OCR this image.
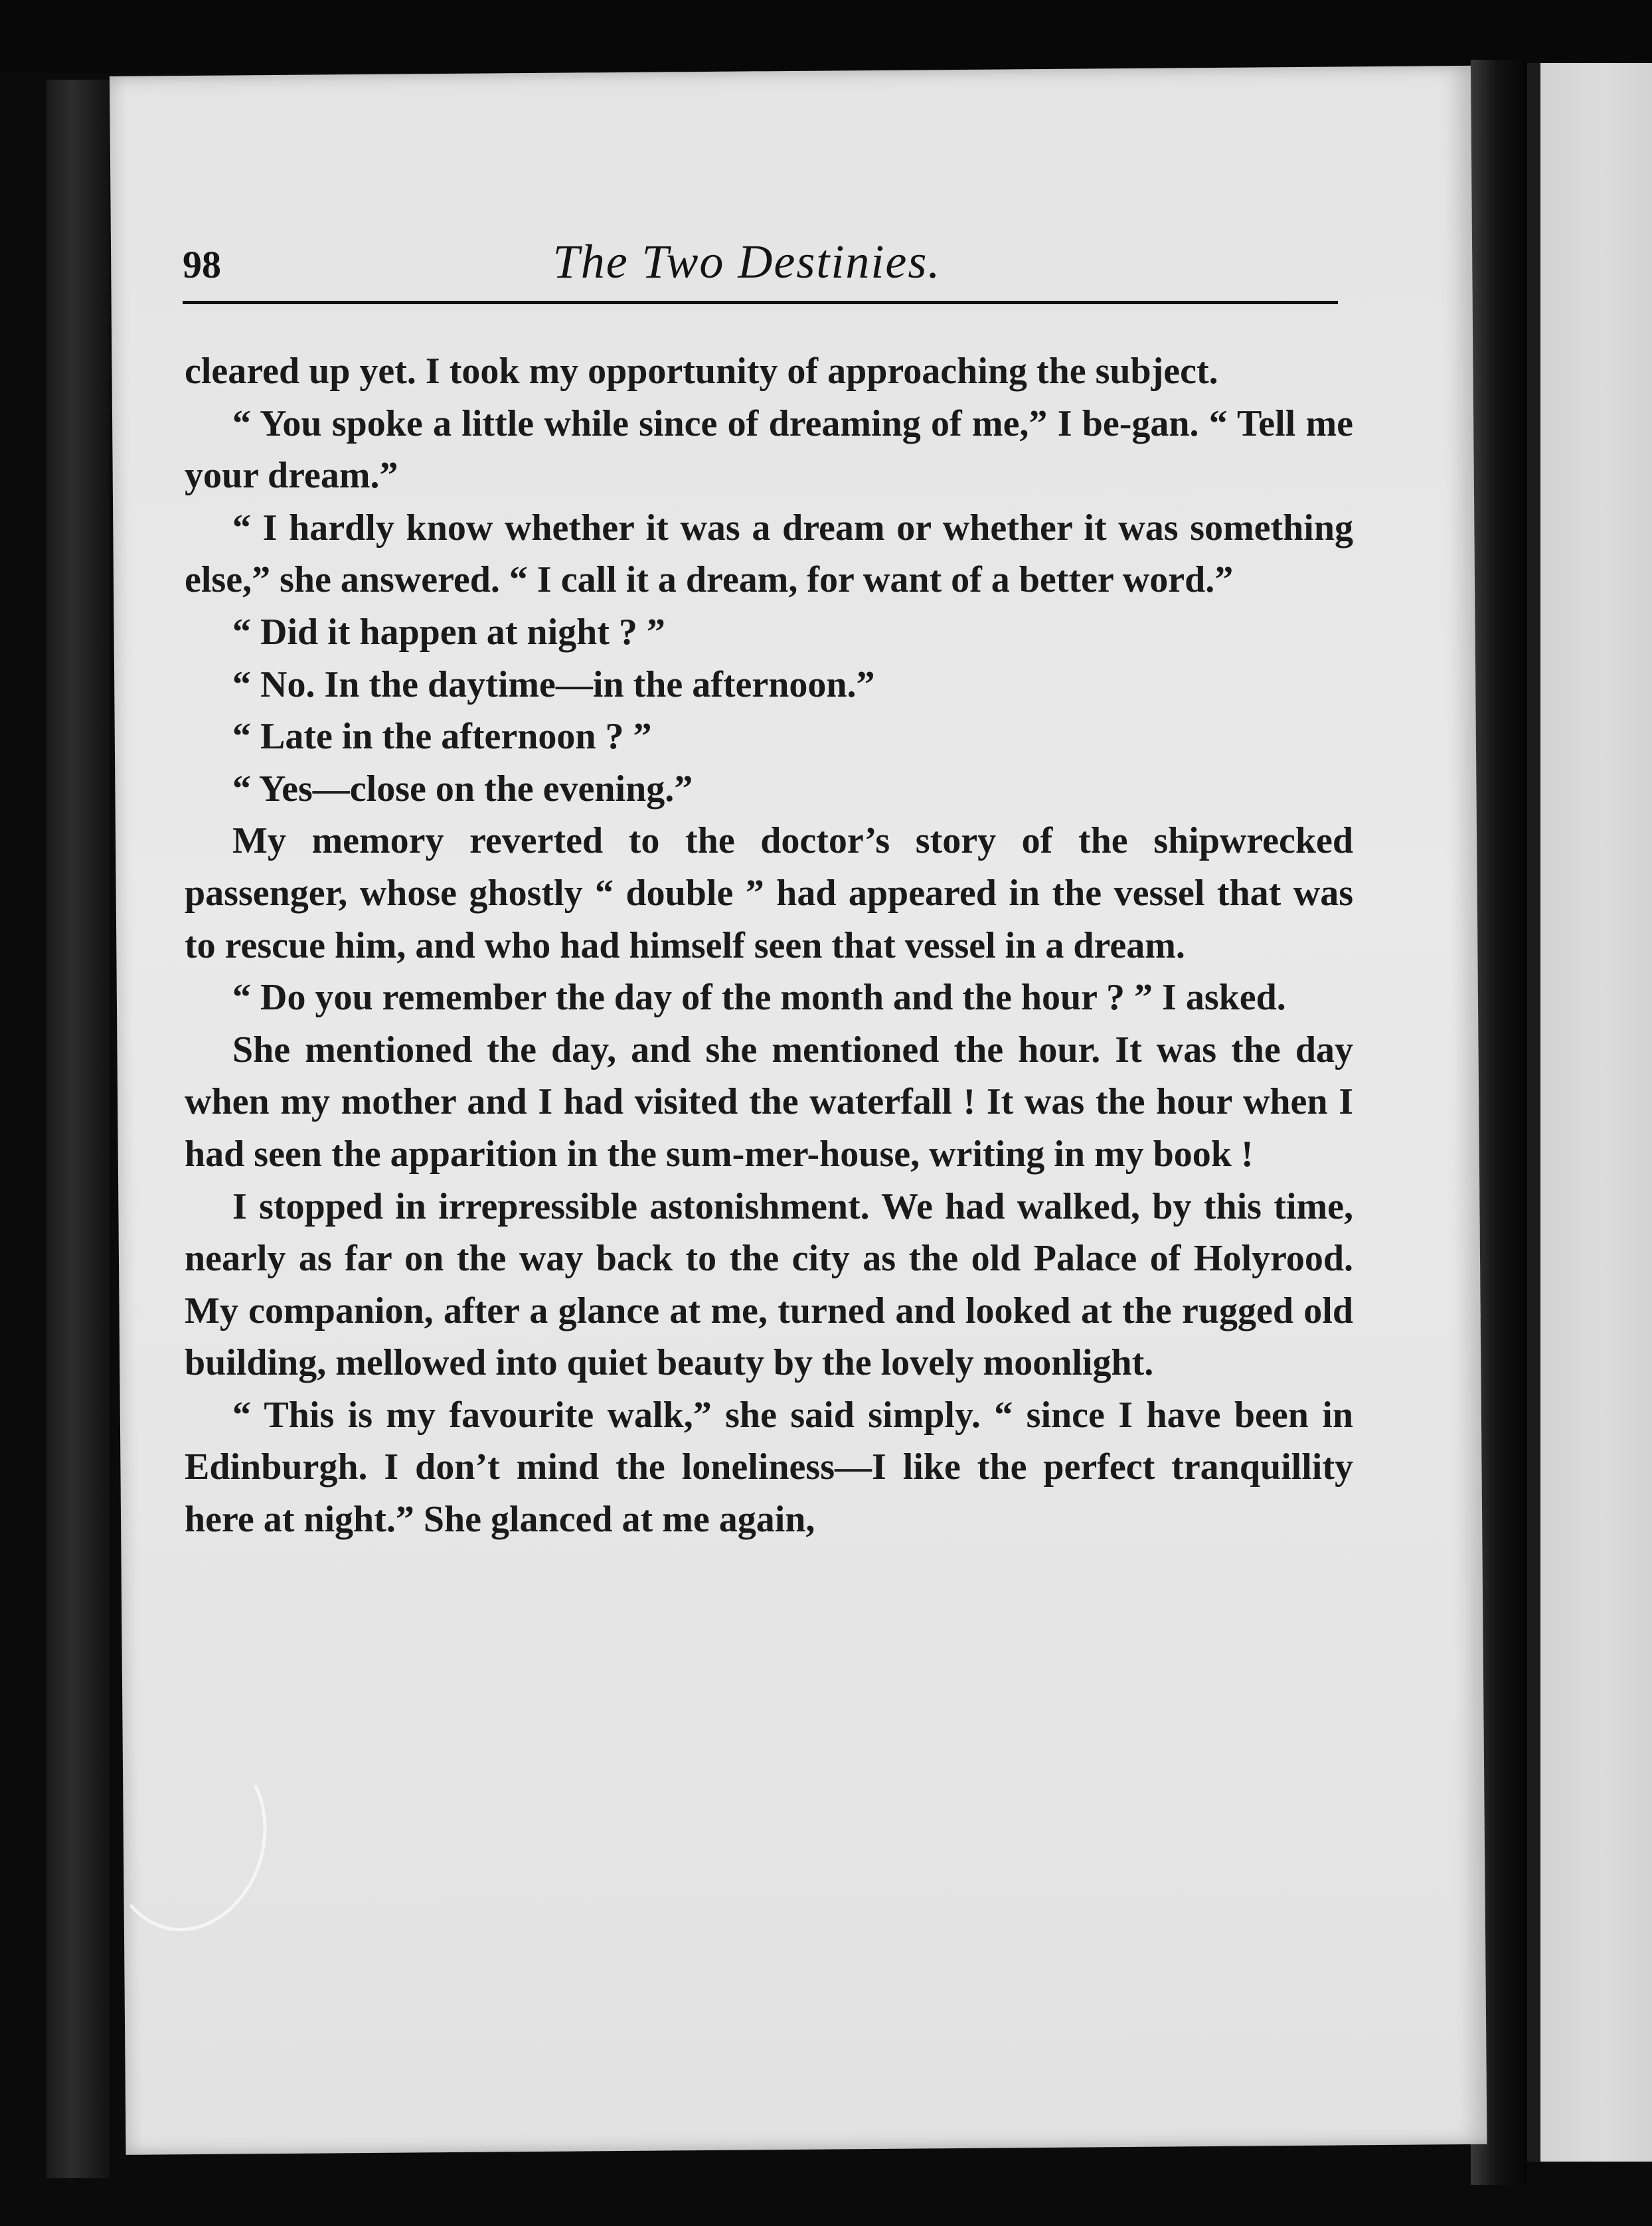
98	The Two Destinies.

cleared up yet. I took my opportunity of approaching the subject.

“ You spoke a little while since of dreaming of me,” I be-gan. “ Tell me your dream.”

“ I hardly know whether it was a dream or whether it was something else,” she answered. “ I call it a dream, for want of a better word.”

“ Did it happen at night ? ”

“ No. In the daytime—in the afternoon.”

“ Late in the afternoon ? ”

“ Yes—close on the evening.”

My memory reverted to the doctor’s story of the shipwrecked passenger, whose ghostly “ double ” had appeared in the vessel that was to rescue him, and who had himself seen that vessel in a dream.

“ Do you remember the day of the month and the hour ? ” I asked.

She mentioned the day, and she mentioned the hour. It was the day when my mother and I had visited the waterfall ! It was the hour when I had seen the apparition in the sum-mer-house, writing in my book !

I stopped in irrepressible astonishment. We had walked, by this time, nearly as far on the way back to the city as the old Palace of Holyrood. My companion, after a glance at me, turned and looked at the rugged old building, mellowed into quiet beauty by the lovely moonlight.

“ This is my favourite walk,” she said simply. “ since I have been in Edinburgh. I don’t mind the loneliness—I like the perfect tranquillity here at night.” She glanced at me again,
